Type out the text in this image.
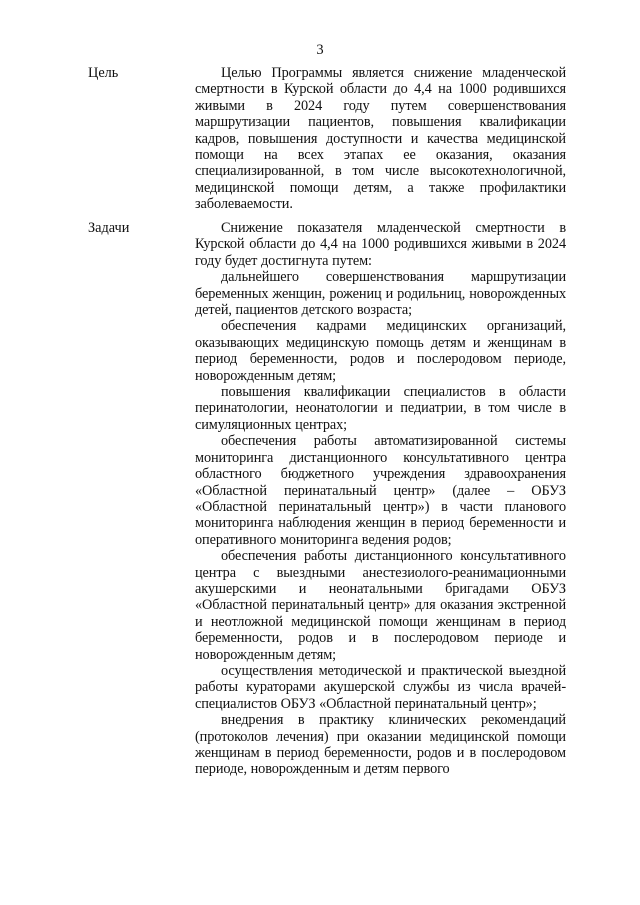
3
Цель	Целью Программы является снижение младенческой смертности в Курской области до 4,4 на 1000 родившихся живыми в 2024 году путем совершенствования маршрутизации пациентов, повышения квалификации кадров, повышения доступности и качества медицинской помощи на всех этапах ее оказания, оказания специализированной, в том числе высокотехнологичной, медицинской помощи детям, а также профилактики заболеваемости.

Задачи	Снижение показателя младенческой смертности в Курской области до 4,4 на 1000 родившихся живыми в 2024 году будет достигнута путем:

дальнейшего совершенствования маршрутизации беременных женщин, рожениц и родильниц, новорожденных детей, пациентов детского возраста;

обеспечения кадрами медицинских организаций, оказывающих медицинскую помощь детям и женщинам в период беременности, родов и послеродовом периоде, новорожденным детям;

повышения квалификации специалистов в области перинатологии, неонатологии и педиатрии, в том числе в симуляционных центрах;

обеспечения работы автоматизированной системы мониторинга дистанционного консультативного центра областного бюджетного учреждения здравоохранения «Областной перинатальный центр» (далее – ОБУЗ «Областной перинатальный центр») в части планового мониторинга наблюдения женщин в период беременности и оперативного мониторинга ведения родов;

обеспечения работы дистанционного консультативного центра с выездными анестезиолого-реанимационными акушерскими и неонатальными бригадами ОБУЗ «Областной перинатальный центр» для оказания экстренной и неотложной медицинской помощи женщинам в период беременности, родов и в послеродовом периоде и новорожденным детям;

осуществления методической и практической выездной работы кураторами акушерской службы из числа врачей-специалистов ОБУЗ «Областной перинатальный центр»;

внедрения в практику клинических рекомендаций (протоколов лечения) при оказании медицинской помощи женщинам в период беременности, родов и в послеродовом периоде, новорожденным и детям первого
